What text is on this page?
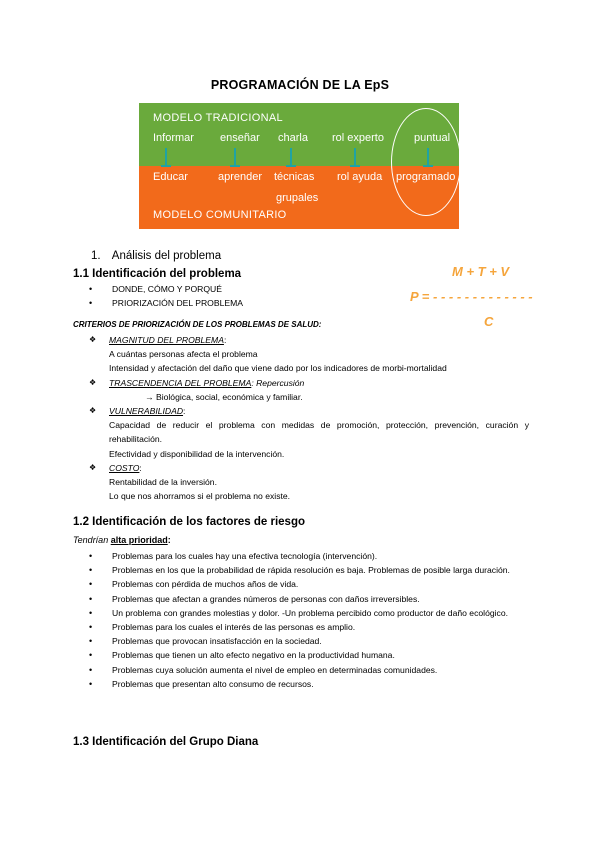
PROGRAMACIÓN DE LA EpS
MODELO TRADICIONAL
Informar enseñar charla rol experto	puntual
Educar	aprender técnicas rol ayuda programado
grupales
MODELO COMUNITARIO
M + T + V
P = - - - - - - - - - - - - -
C
1. Análisis del problema
1.1 Identificación del problema
• DONDE, CÓMO Y PORQUÉ
• PRIORIZACIÓN DEL PROBLEMA
CRITERIOS DE PRIORIZACIÓN DE LOS PROBLEMAS DE SALUD:
❖ MAGNITUD DEL PROBLEMA:
A cuántas personas afecta el problema
Intensidad y afectación del daño que viene dado por los indicadores de morbi-mortalidad
❖ TRASCENDENCIA DEL PROBLEMA: Repercusión
→ Biológica, social, económica y familiar.
❖ VULNERABILIDAD:
Capacidad de reducir el problema con medidas de promoción, protección, prevención, curación y rehabilitación.
Efectividad y disponibilidad de la intervención.
❖ COSTO:
Rentabilidad de la inversión.
Lo que nos ahorramos si el problema no existe.
1.2 Identificación de los factores de riesgo
Tendrían alta prioridad:
• Problemas para los cuales hay una efectiva tecnología (intervención).
• Problemas en los que la probabilidad de rápida resolución es baja. Problemas de posible larga duración.
• Problemas con pérdida de muchos años de vida.
• Problemas que afectan a grandes números de personas con daños irreversibles.
• Un problema con grandes molestias y dolor. -Un problema percibido como productor de daño ecológico.
• Problemas para los cuales el interés de las personas es amplio.
• Problemas que provocan insatisfacción en la sociedad.
• Problemas que tienen un alto efecto negativo en la productividad humana.
• Problemas cuya solución aumenta el nivel de empleo en determinadas comunidades.
• Problemas que presentan alto consumo de recursos.
1.3 Identificación del Grupo Diana
